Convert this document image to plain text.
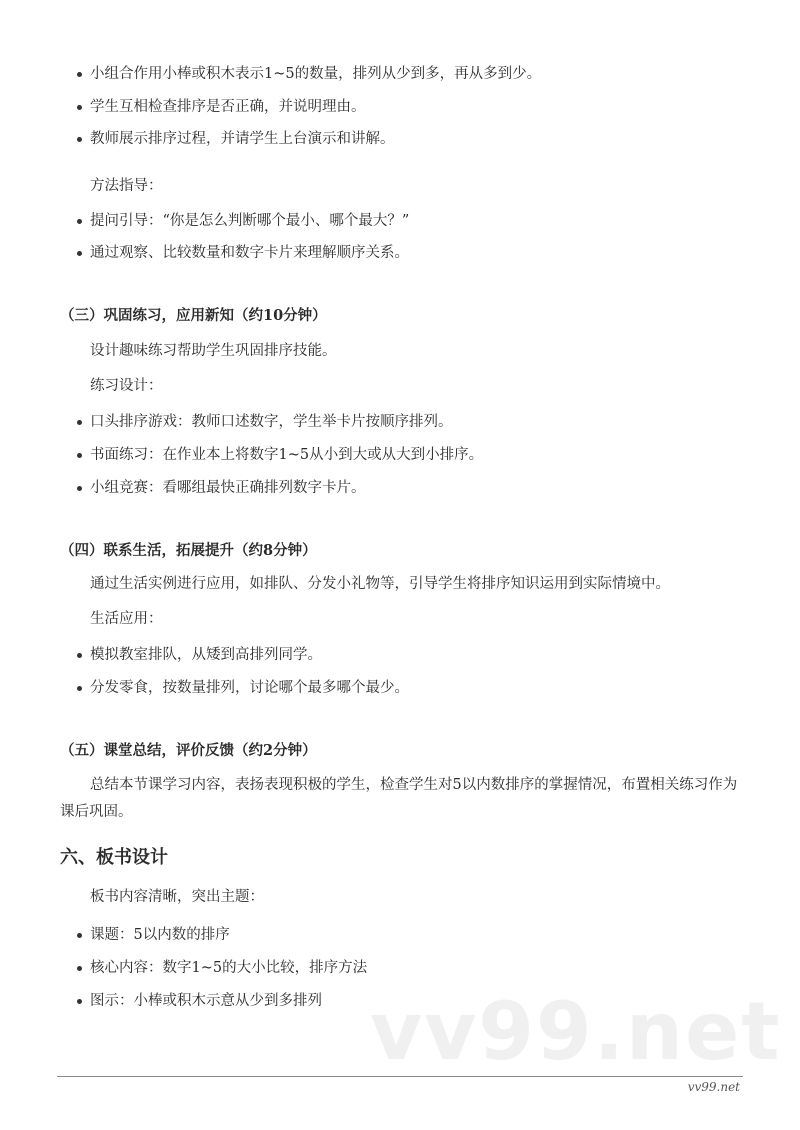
小组合作用小棒或积木表示1~5的数量，排列从少到多，再从多到少。
学生互相检查排序是否正确，并说明理由。
教师展示排序过程，并请学生上台演示和讲解。
方法指导：
提问引导：“你是怎么判断哪个最小、哪个最大？”
通过观察、比较数量和数字卡片来理解顺序关系。
（三）巩固练习，应用新知（约10分钟）
设计趣味练习帮助学生巩固排序技能。
练习设计：
口头排序游戏：教师口述数字，学生举卡片按顺序排列。
书面练习：在作业本上将数字1~5从小到大或从大到小排序。
小组竞赛：看哪组最快正确排列数字卡片。
（四）联系生活，拓展提升（约8分钟）
通过生活实例进行应用，如排队、分发小礼物等，引导学生将排序知识运用到实际情境中。
生活应用：
模拟教室排队，从矮到高排列同学。
分发零食，按数量排列，讨论哪个最多哪个最少。
（五）课堂总结，评价反馈（约2分钟）
总结本节课学习内容，表扬表现积极的学生，检查学生对5以内数排序的掌握情况，布置相关练习作为课后巩固。
六、板书设计
板书内容清晰，突出主题：
课题：5以内数的排序
核心内容：数字1~5的大小比较，排序方法
图示：小棒或积木示意从少到多排列 vv99.net
vv99.net
